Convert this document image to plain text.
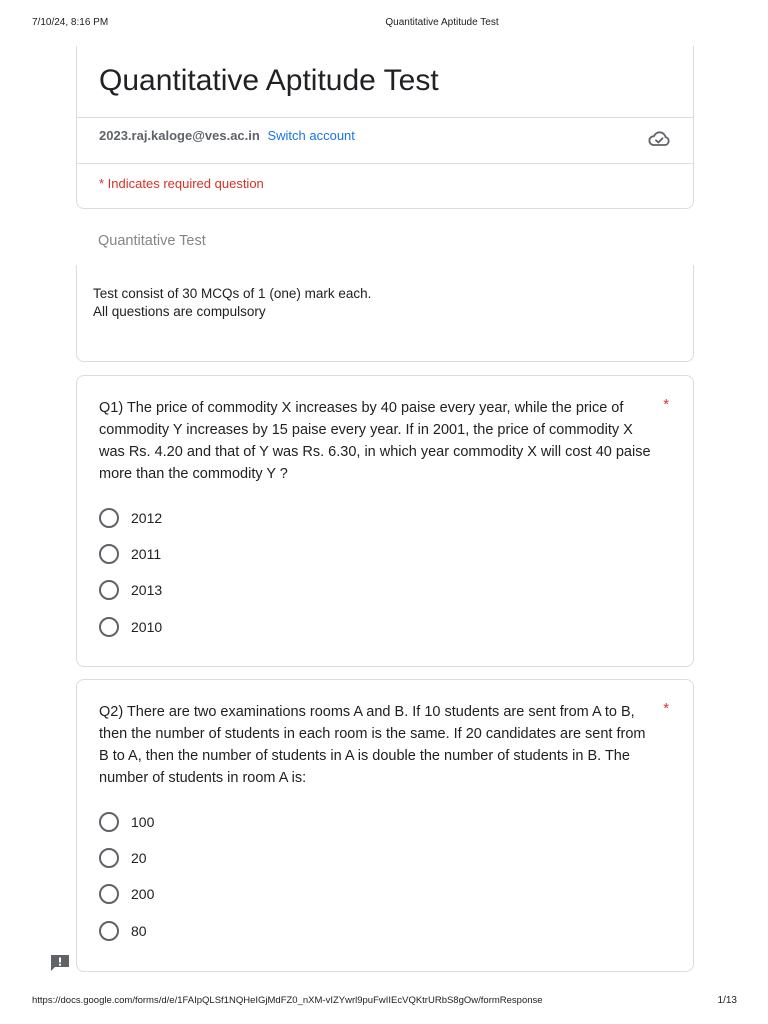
7/10/24, 8:16 PM	Quantitative Aptitude Test
Quantitative Aptitude Test
2023.raj.kaloge@ves.ac.in Switch account
* Indicates required question
Quantitative Test
Test consist of 30 MCQs of 1 (one) mark each.
All questions are compulsory
Q1) The price of commodity X increases by 40 paise every year, while the price of commodity Y increases by 15 paise every year. If in 2001, the price of commodity X was Rs. 4.20 and that of Y was Rs. 6.30, in which year commodity X will cost 40 paise more than the commodity Y ?
*
2012
2011
2013
2010
Q2) There are two examinations rooms A and B. If 10 students are sent from A to B, then the number of students in each room is the same. If 20 candidates are sent from B to A, then the number of students in A is double the number of students in B. The number of students in room A is:
*
100
20
200
80
https://docs.google.com/forms/d/e/1FAIpQLSf1NQHeIGjMdFZ0_nXM-vIZYwrl9puFwIIEcVQKtrURbS8gOw/formResponse	1/13
